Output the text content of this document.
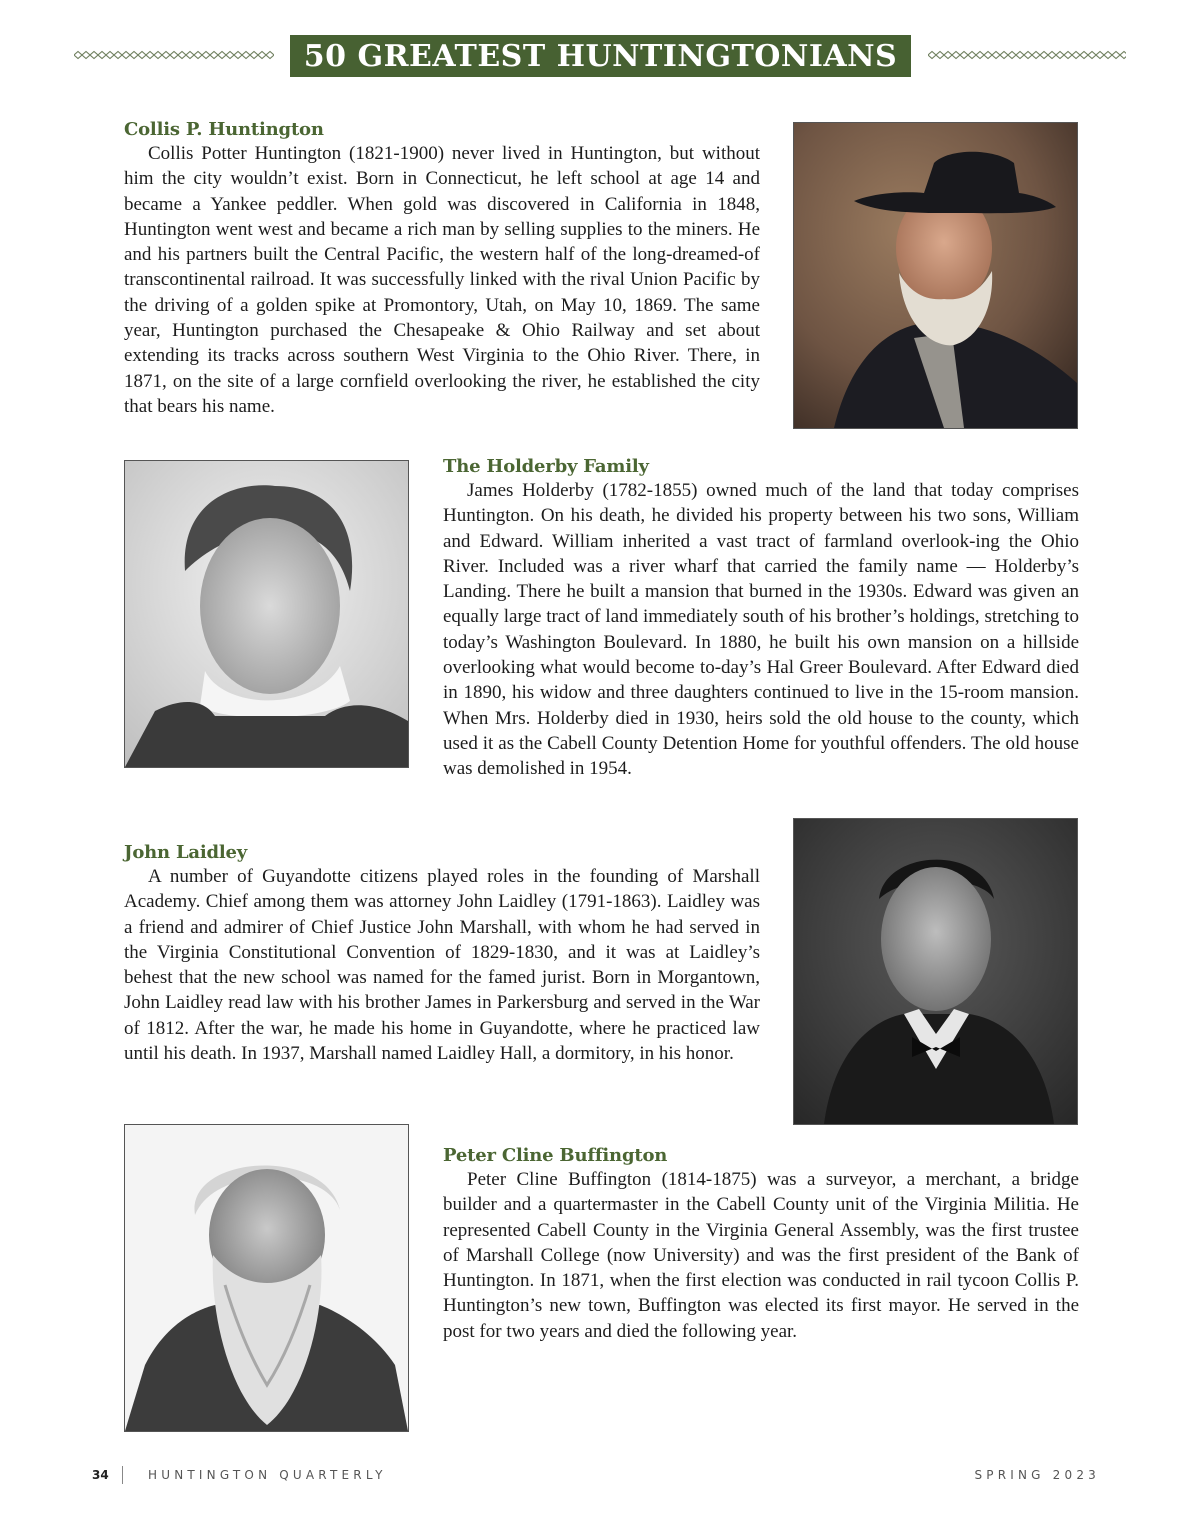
50 GREATEST HUNTINGTONIANS
Collis P. Huntington

Collis Potter Huntington (1821-1900) never lived in Huntington, but without him the city wouldn’t exist. Born in Connecticut, he left school at age 14 and became a Yankee peddler. When gold was discovered in California in 1848, Huntington went west and became a rich man by selling supplies to the miners. He and his partners built the Central Pacific, the western half of the long-dreamed-of transcontinental railroad. It was successfully linked with the rival Union Pacific by the driving of a golden spike at Promontory, Utah, on May 10, 1869. The same year, Huntington purchased the Chesapeake & Ohio Railway and set about extending its tracks across southern West Virginia to the Ohio River. There, in 1871, on the site of a large cornfield overlooking the river, he established the city that bears his name.

The Holderby Family

James Holderby (1782-1855) owned much of the land that today comprises Huntington. On his death, he divided his property between his two sons, William and Edward. William inherited a vast tract of farmland overlook-ing the Ohio River. Included was a river wharf that carried the family name — Holderby’s Landing. There he built a mansion that burned in the 1930s. Edward was given an equally large tract of land immediately south of his brother’s holdings, stretching to today’s Washington Boulevard. In 1880, he built his own mansion on a hillside overlooking what would become to-day’s Hal Greer Boulevard. After Edward died in 1890, his widow and three daughters continued to live in the 15-room mansion. When Mrs. Holderby died in 1930, heirs sold the old house to the county, which used it as the Cabell County Detention Home for youthful offenders. The old house was demolished in 1954.

John Laidley

A number of Guyandotte citizens played roles in the founding of Marshall Academy. Chief among them was attorney John Laidley (1791-1863). Laidley was a friend and admirer of Chief Justice John Marshall, with whom he had served in the Virginia Constitutional Convention of 1829-1830, and it was at Laidley’s behest that the new school was named for the famed jurist. Born in Morgantown, John Laidley read law with his brother James in Parkersburg and served in the War of 1812. After the war, he made his home in Guyandotte, where he practiced law until his death. In 1937, Marshall named Laidley Hall, a dormitory, in his honor.

Peter Cline Buffington

Peter Cline Buffington (1814-1875) was a surveyor, a merchant, a bridge builder and a quartermaster in the Cabell County unit of the Virginia Militia. He represented Cabell County in the Virginia General Assembly, was the first trustee of Marshall College (now University) and was the first president of the Bank of Huntington. In 1871, when the first election was conducted in rail tycoon Collis P. Huntington’s new town, Buffington was elected its first mayor. He served in the post for two years and died the following year.

34	HUNTINGTON QUARTERLY	SPRING 2023
